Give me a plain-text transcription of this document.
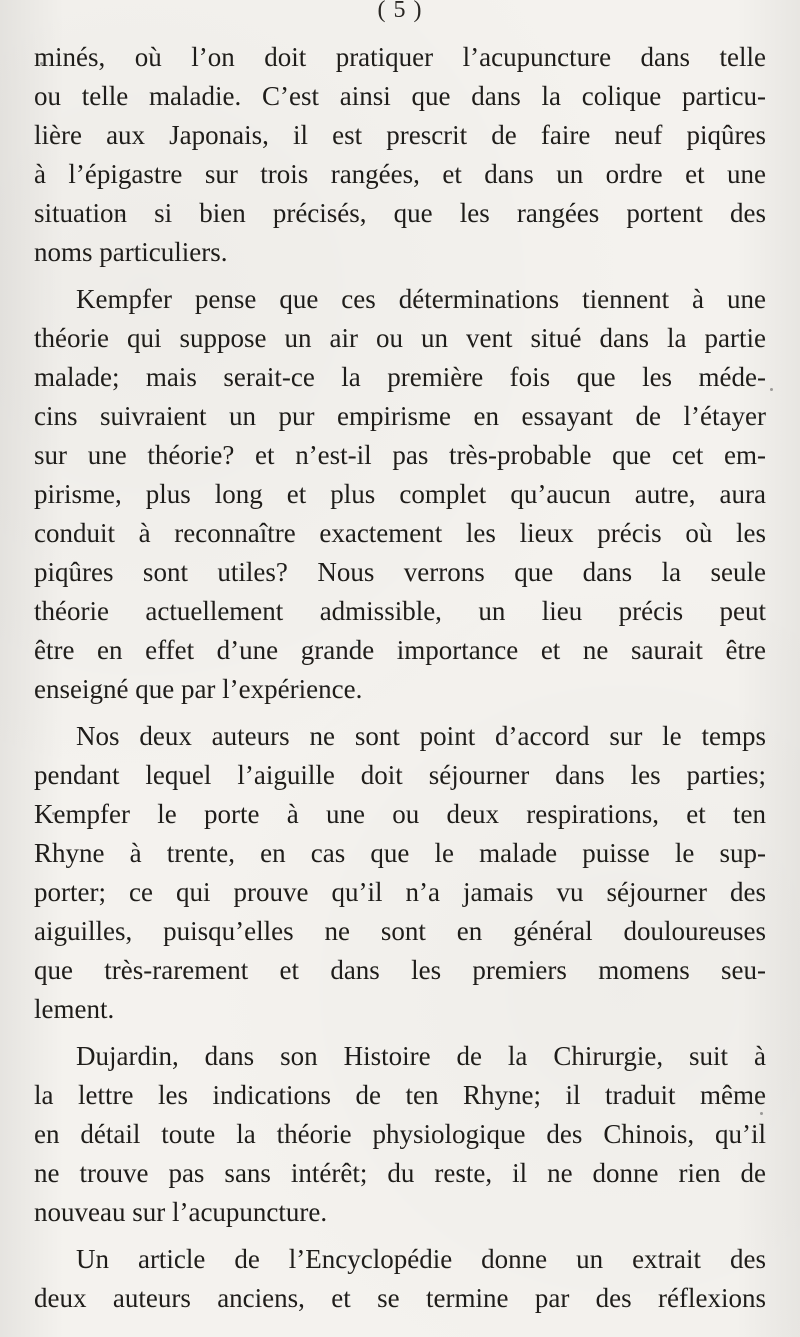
( 5 )
minés, où l’on doit pratiquer l’acupuncture dans telle
ou telle maladie. C’est ainsi que dans la colique particu-
lière aux Japonais, il est prescrit de faire neuf piqûres
à l’épigastre sur trois rangées, et dans un ordre et une
situation si bien précisés, que les rangées portent des
noms particuliers.
Kempfer pense que ces déterminations tiennent à une
théorie qui suppose un air ou un vent situé dans la partie
malade; mais serait-ce la première fois que les méde-
cins suivraient un pur empirisme en essayant de l’étayer
sur une théorie? et n’est-il pas très-probable que cet em-
pirisme, plus long et plus complet qu’aucun autre, aura
conduit à reconnaître exactement les lieux précis où les
piqûres sont utiles? Nous verrons que dans la seule
théorie actuellement admissible, un lieu précis peut
être en effet d’une grande importance et ne saurait être
enseigné que par l’expérience.
Nos deux auteurs ne sont point d’accord sur le temps
pendant lequel l’aiguille doit séjourner dans les parties;
Kempfer le porte à une ou deux respirations, et ten
Rhyne à trente, en cas que le malade puisse le sup-
porter; ce qui prouve qu’il n’a jamais vu séjourner des
aiguilles, puisqu’elles ne sont en général douloureuses
que très-rarement et dans les premiers momens seu-
lement.
Dujardin, dans son Histoire de la Chirurgie, suit à
la lettre les indications de ten Rhyne; il traduit même
en détail toute la théorie physiologique des Chinois, qu’il
ne trouve pas sans intérêt; du reste, il ne donne rien de
nouveau sur l’acupuncture.
Un article de l’Encyclopédie donne un extrait des
deux auteurs anciens, et se termine par des réflexions
